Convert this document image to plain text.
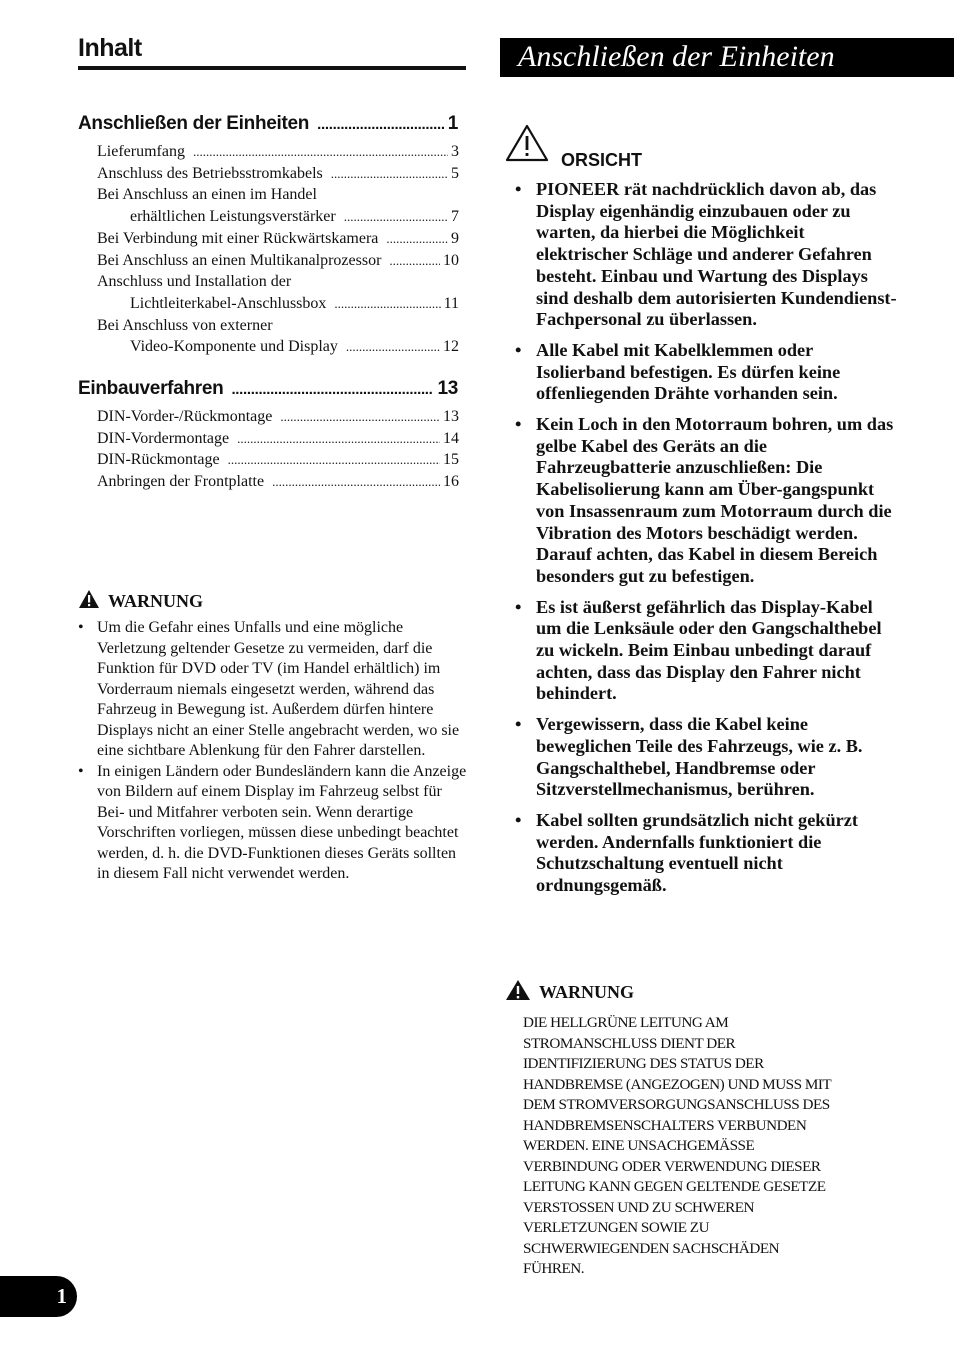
Inhalt
Anschließen der Einheiten .....	1
Lieferumfang .....	3
Anschluss des Betriebsstromkabels .....	5
Bei Anschluss an einen im Handel
erhältlichen Leistungsverstärker .....	7
Bei Verbindung mit einer Rückwärtskamera .....	9
Bei Anschluss an einen Multikanalprozessor .....	10
Anschluss und Installation der
Lichtleiterkabel-Anschlussbox .....	11
Bei Anschluss von externer
Video-Komponente und Display .....	12
Einbauverfahren .....	13
DIN-Vorder-/Rückmontage .....	13
DIN-Vordermontage .....	14
DIN-Rückmontage .....	15
Anbringen der Frontplatte .....	16
WARNUNG
• Um die Gefahr eines Unfalls und eine mögliche Verletzung geltender Gesetze zu vermeiden, darf die Funktion für DVD oder TV (im Handel erhältlich) im Vorderraum niemals eingesetzt werden, während das Fahrzeug in Bewegung ist. Außerdem dürfen hintere Displays nicht an einer Stelle angebracht werden, wo sie eine sichtbare Ablenkung für den Fahrer darstellen.
• In einigen Ländern oder Bundesländern kann die Anzeige von Bildern auf einem Display im Fahrzeug selbst für Bei- und Mitfahrer verboten sein. Wenn derartige Vorschriften vorliegen, müssen diese unbedingt beachtet werden, d. h. die DVD-Funktionen dieses Geräts sollten in diesem Fall nicht verwendet werden.
Anschließen der Einheiten
ORSICHT
• PIONEER rät nachdrücklich davon ab, das Display eigenhändig einzubauen oder zu warten, da hierbei die Möglichkeit elektrischer Schläge und anderer Gefahren besteht. Einbau und Wartung des Displays sind deshalb dem autorisierten Kundendienst-Fachpersonal zu überlassen.
• Alle Kabel mit Kabelklemmen oder Isolierband befestigen. Es dürfen keine offenliegenden Drähte vorhanden sein.
• Kein Loch in den Motorraum bohren, um das gelbe Kabel des Geräts an die Fahrzeugbatterie anzuschließen: Die Kabelisolierung kann am Über-gangspunkt von Insassenraum zum Motorraum durch die Vibration des Motors beschädigt werden. Darauf achten, das Kabel in diesem Bereich besonders gut zu befestigen.
• Es ist äußerst gefährlich das Display-Kabel um die Lenksäule oder den Gangschalthebel zu wickeln. Beim Einbau unbedingt darauf achten, dass das Display den Fahrer nicht behindert.
• Vergewissern, dass die Kabel keine beweglichen Teile des Fahrzeugs, wie z. B. Gangschalthebel, Handbremse oder Sitzverstellmechanismus, berühren.
• Kabel sollten grundsätzlich nicht gekürzt werden. Andernfalls funktioniert die Schutzschaltung eventuell nicht ordnungsgemäß.
WARNUNG
DIE HELLGRÜNE LEITUNG AM
STROMANSCHLUSS DIENT DER
IDENTIFIZIERUNG DES STATUS DER
HANDBREMSE (ANGEZOGEN) UND MUSS MIT
DEM STROMVERSORGUNGSANSCHLUSS DES
HANDBREMSENSCHALTERS VERBUNDEN
WERDEN. EINE UNSACHGEMÄSSE
VERBINDUNG ODER VERWENDUNG DIESER
LEITUNG KANN GEGEN GELTENDE GESETZE
VERSTOSSEN UND ZU SCHWEREN
VERLETZUNGEN SOWIE ZU
SCHWERWIEGENDEN SACHSCHÄDEN
FÜHREN.
1
